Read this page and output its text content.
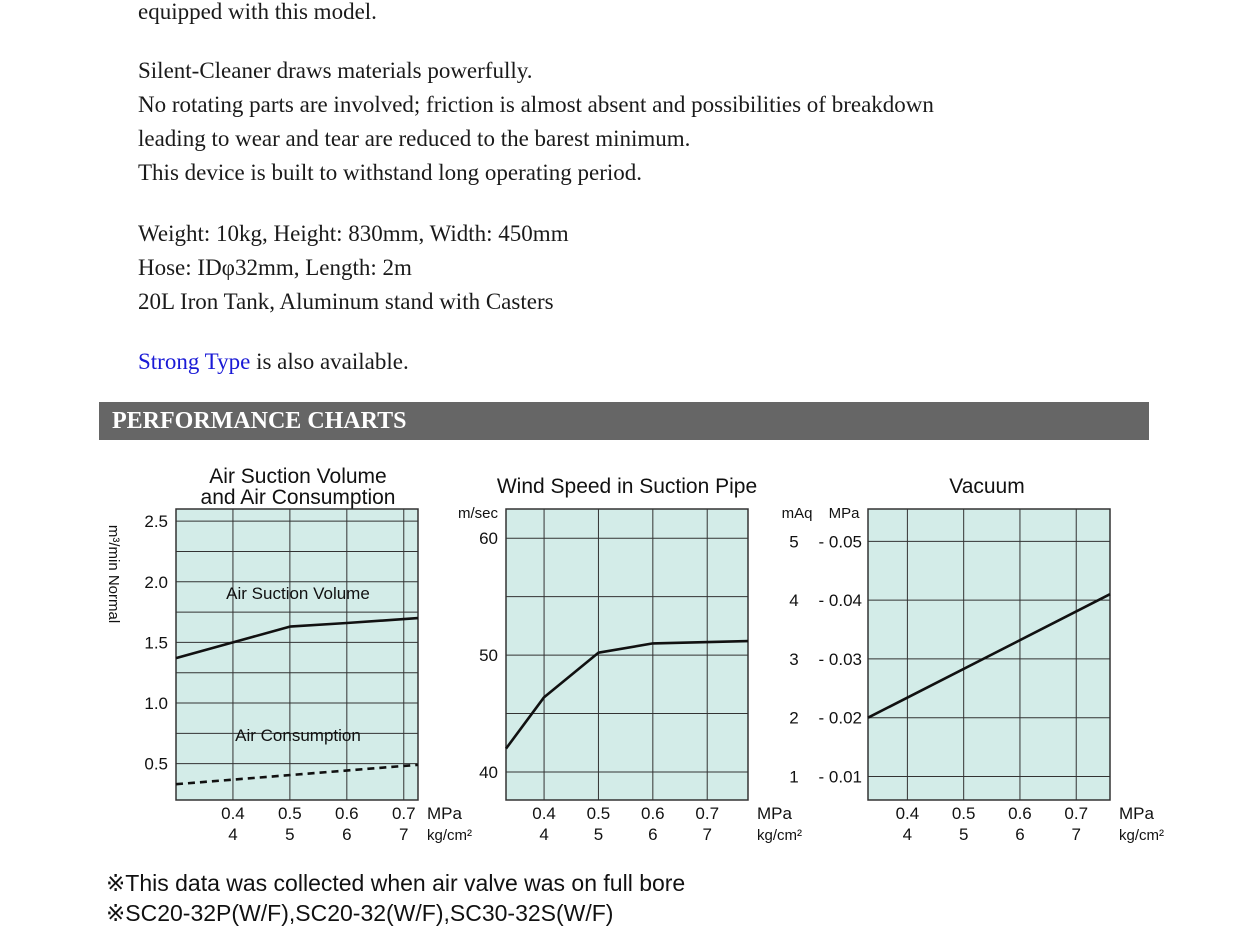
equipped with this model.

Silent-Cleaner draws materials powerfully.

No rotating parts are involved; friction is almost absent and possibilities of breakdown

leading to wear and tear are reduced to the barest minimum.

This device is built to withstand long operating period.

Weight: 10kg, Height: 830mm, Width: 450mm

Hose: IDφ32mm, Length: 2m

20L Iron Tank, Aluminum stand with Casters

Strong Type is also available.

PERFORMANCE CHARTS
0.4
4
0.5
5
0.6
6
0.7
7
0.5
1.0
1.5
2.0
2.5
MPa
kg/cm²
0.4
4
0.5
5
0.6
6
0.7
7
40
50
60
MPa
kg/cm²
0.4
4
0.5
5
0.6
6
0.7
7
1 - 0.01
2 - 0.02
3 - 0.03
4 - 0.04
5 - 0.05
MPa
kg/cm²
Air Suction Volume
and Air Consumption
m³/min Normal	Air Suction Volume
Air Consumption
Wind Speed in Suction Pipe
m/sec
Vacuum
mAq MPa
※This data was collected when air valve was on full bore
※SC20-32P(W/F),SC20-32(W/F),SC30-32S(W/F)
